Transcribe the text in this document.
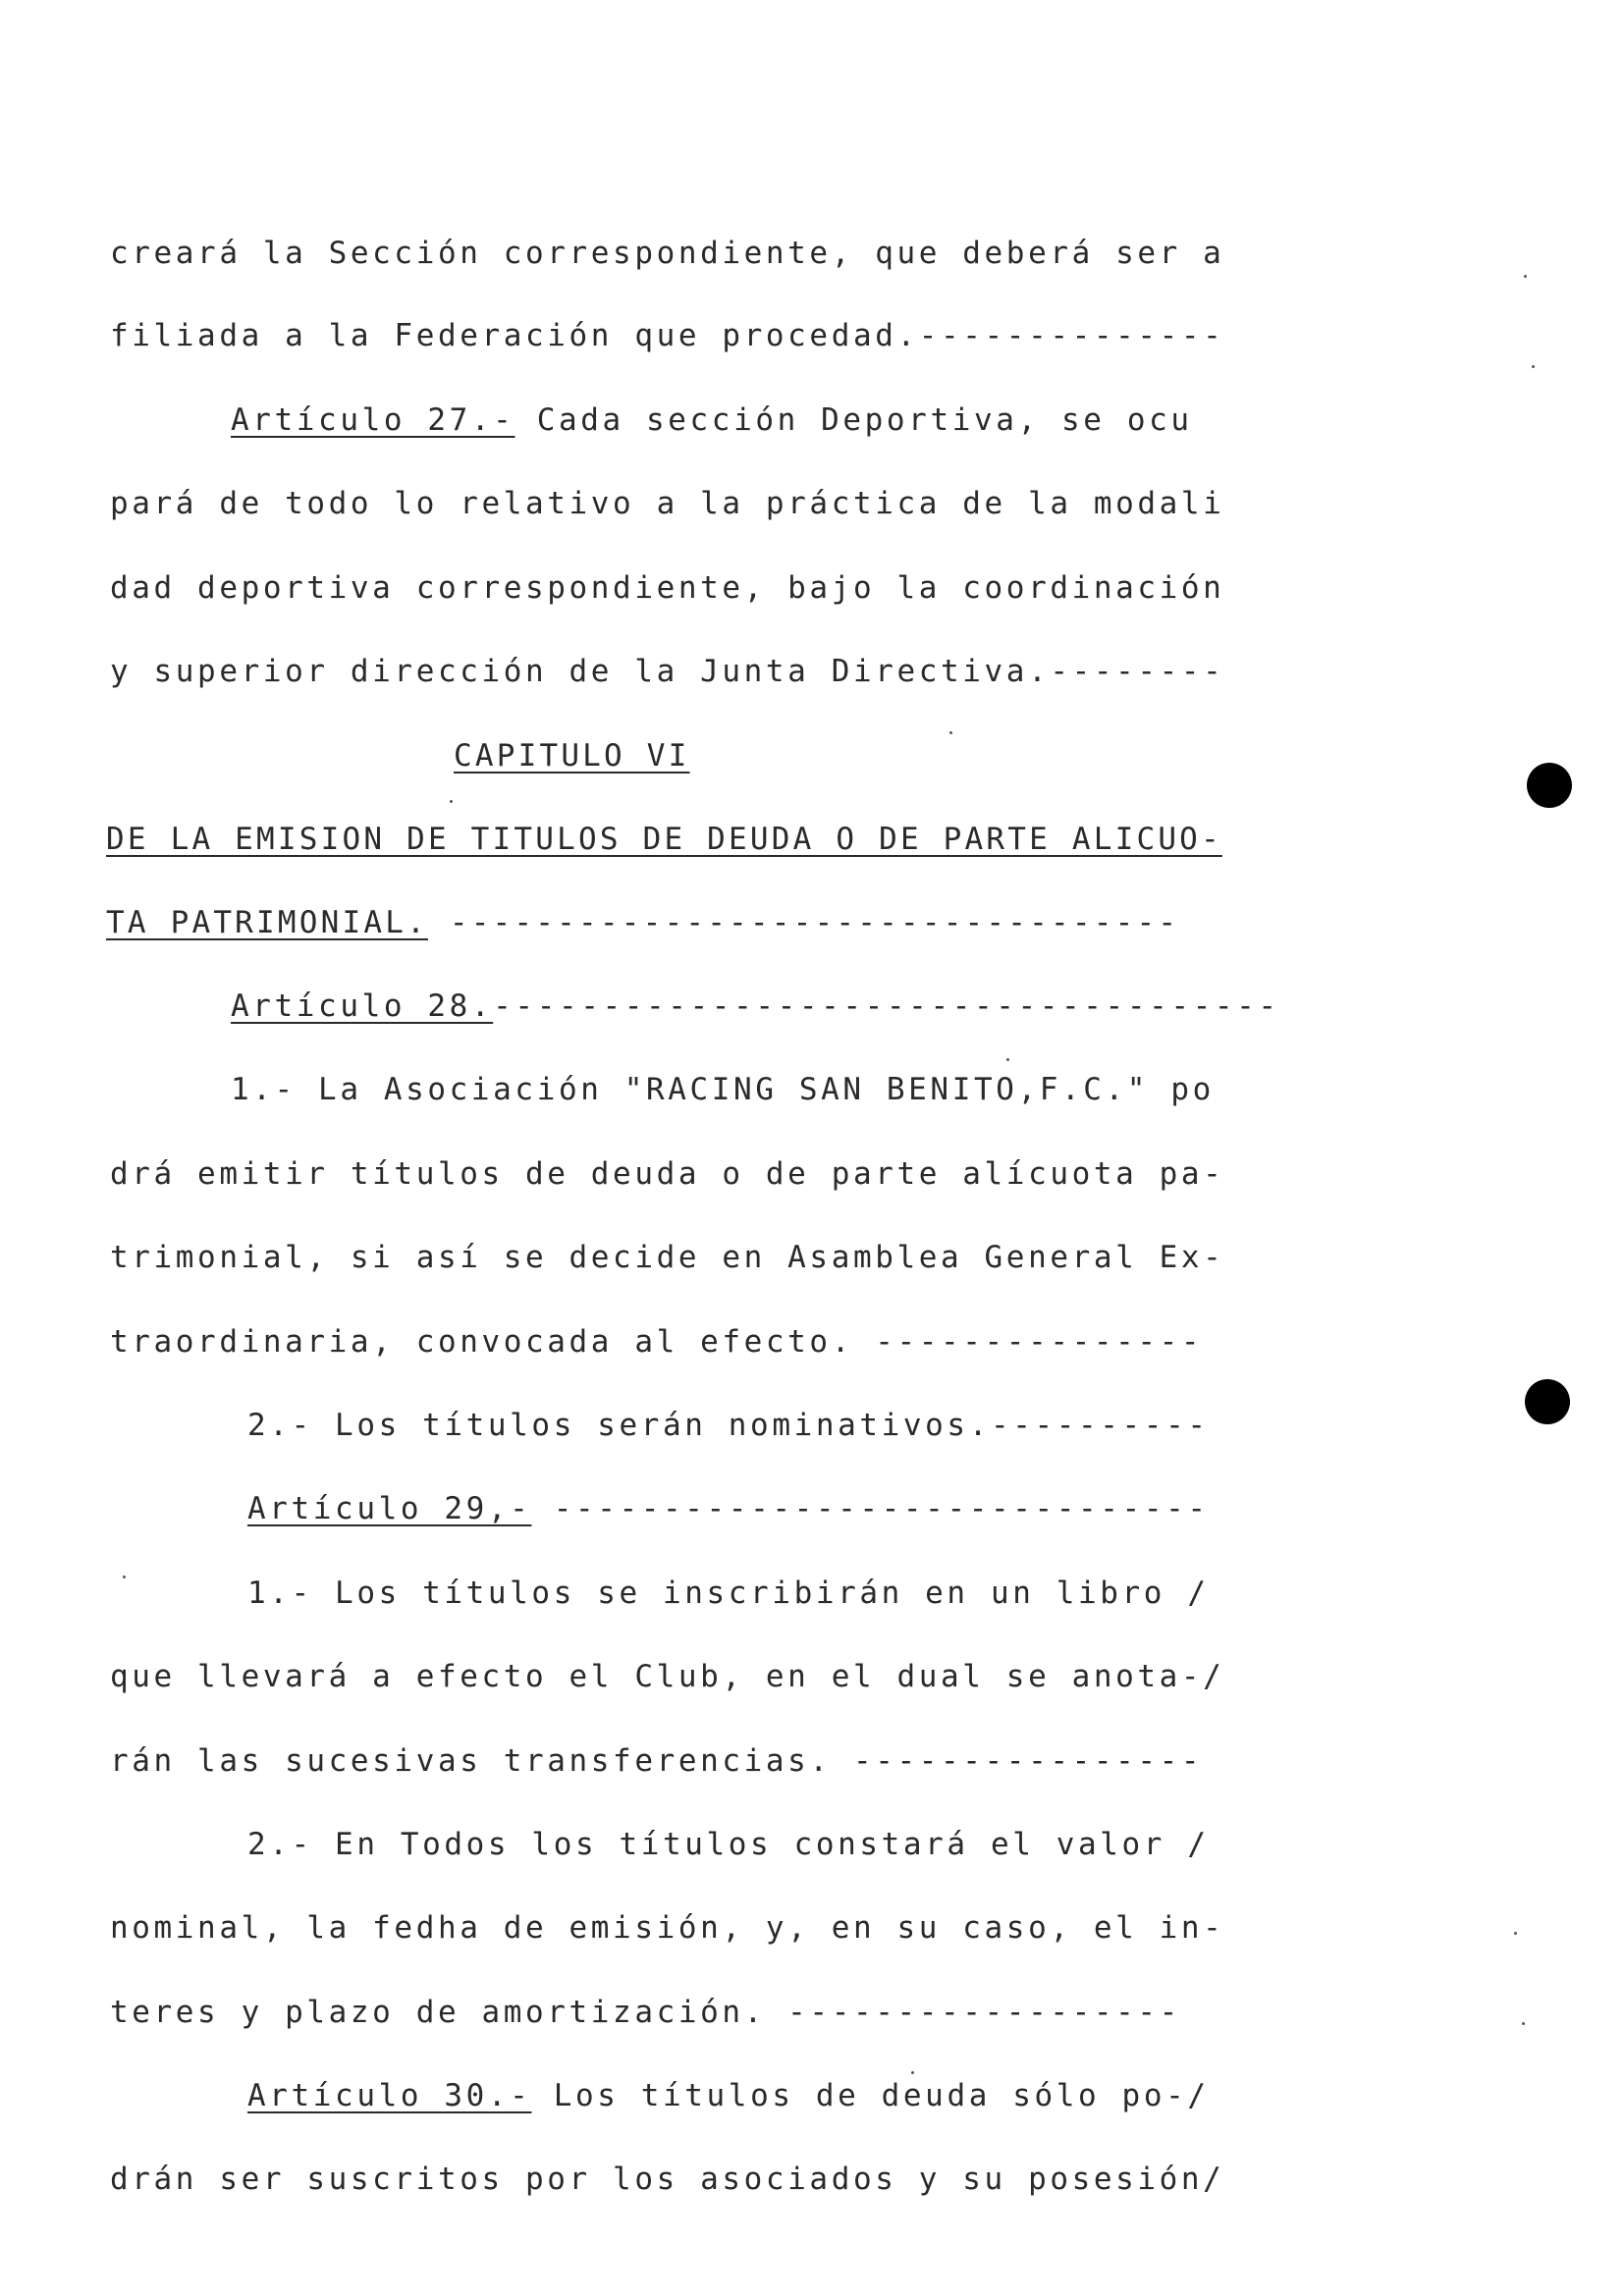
creará la Sección correspondiente, que deberá ser a
filiada a la Federación que procedad.--------------
Artículo 27.- Cada sección Deportiva, se ocu
pará de todo lo relativo a la práctica de la modali
dad deportiva correspondiente, bajo la coordinación
y superior dirección de la Junta Directiva.--------
CAPITULO VI
DE LA EMISION DE TITULOS DE DEUDA O DE PARTE ALICUO-
TA PATRIMONIAL. ----------------------------------
Artículo 28.------------------------------------
1.- La Asociación "RACING SAN BENITO,F.C." po
drá emitir títulos de deuda o de parte alícuota pa-
trimonial, si así se decide en Asamblea General Ex-
traordinaria, convocada al efecto. ---------------
2.- Los títulos serán nominativos.----------
Artículo 29,- ------------------------------
1.- Los títulos se inscribirán en un libro /
que llevará a efecto el Club, en el dual se anota-/
rán las sucesivas transferencias. ----------------
2.- En Todos los títulos constará el valor /
nominal, la fedha de emisión, y, en su caso, el in-
teres y plazo de amortización. ------------------
Artículo 30.- Los títulos de deuda sólo po-/
drán ser suscritos por los asociados y su posesión/
